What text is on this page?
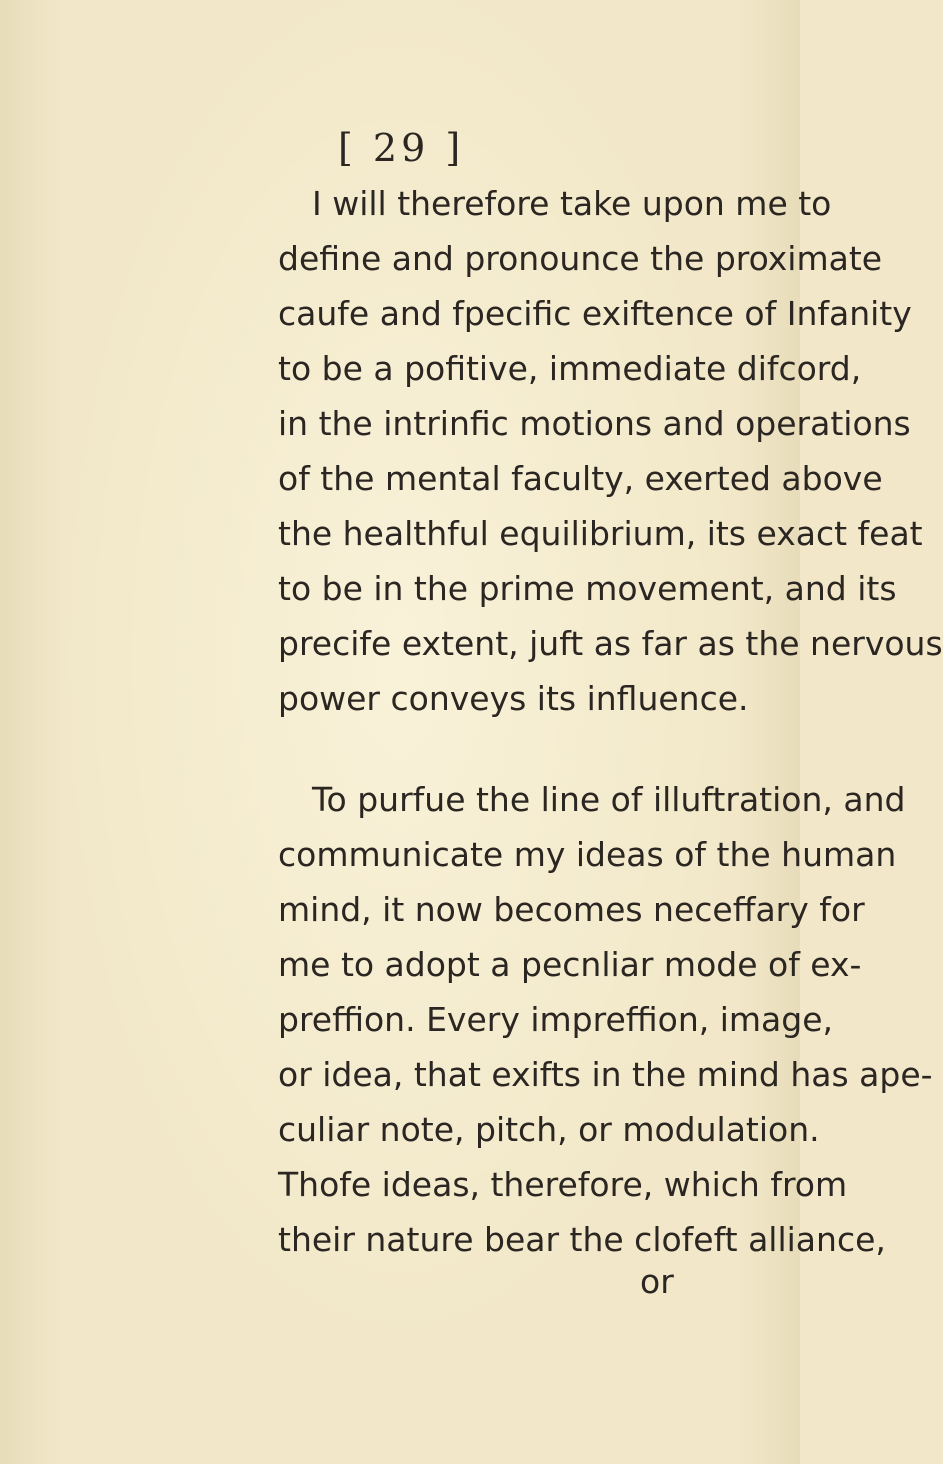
[ 29 ]
I will therefore take upon me to
define and pronounce the proximate
caufe and fpecific exiftence of Infanity
to be a pofitive, immediate difcord,
in the intrinfic motions and operations
of the mental faculty, exerted above
the healthful equilibrium, its exact feat
to be in the prime movement, and its
precife extent, juft as far as the nervous
power conveys its influence.
To purfue the line of illuftration, and
communicate my ideas of the human
mind, it now becomes neceffary for
me to adopt a pecnliar mode of ex-
preffion. Every impreffion, image,
or idea, that exifts in the mind has ape-
culiar note, pitch, or modulation.
Thofe ideas, therefore, which from
their nature bear the clofeft alliance,
or
